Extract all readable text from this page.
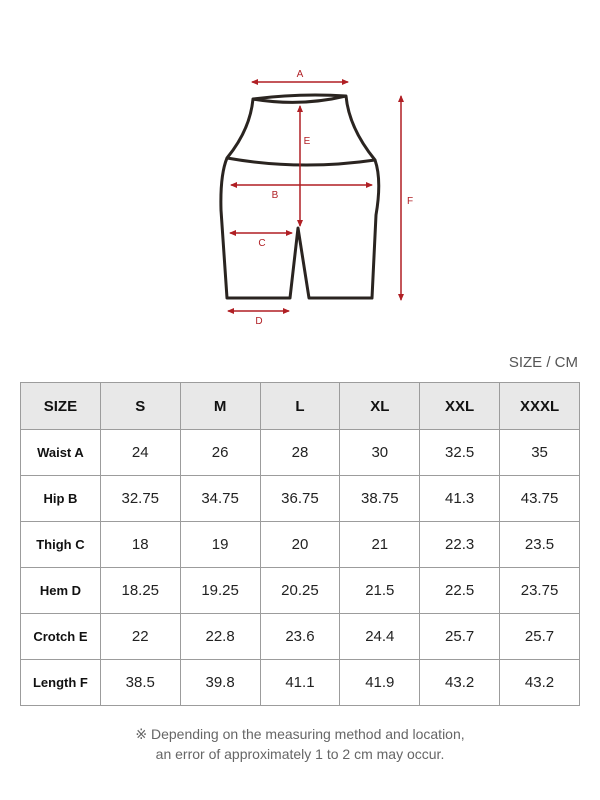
A
B
E
C
F
D
SIZE / CM
SIZE	S	M	L	XL	XXL	XXXL
Waist A	24	26	28	30	32.5	35
Hip B	32.75	34.75	36.75	38.75	41.3	43.75
Thigh C	18	19	20	21	22.3	23.5
Hem D	18.25	19.25	20.25	21.5	22.5	23.75
Crotch E	22	22.8	23.6	24.4	25.7	25.7
Length F	38.5	39.8	41.1	41.9	43.2	43.2
※ Depending on the measuring method and location,
an error of approximately 1 to 2 cm may occur.
